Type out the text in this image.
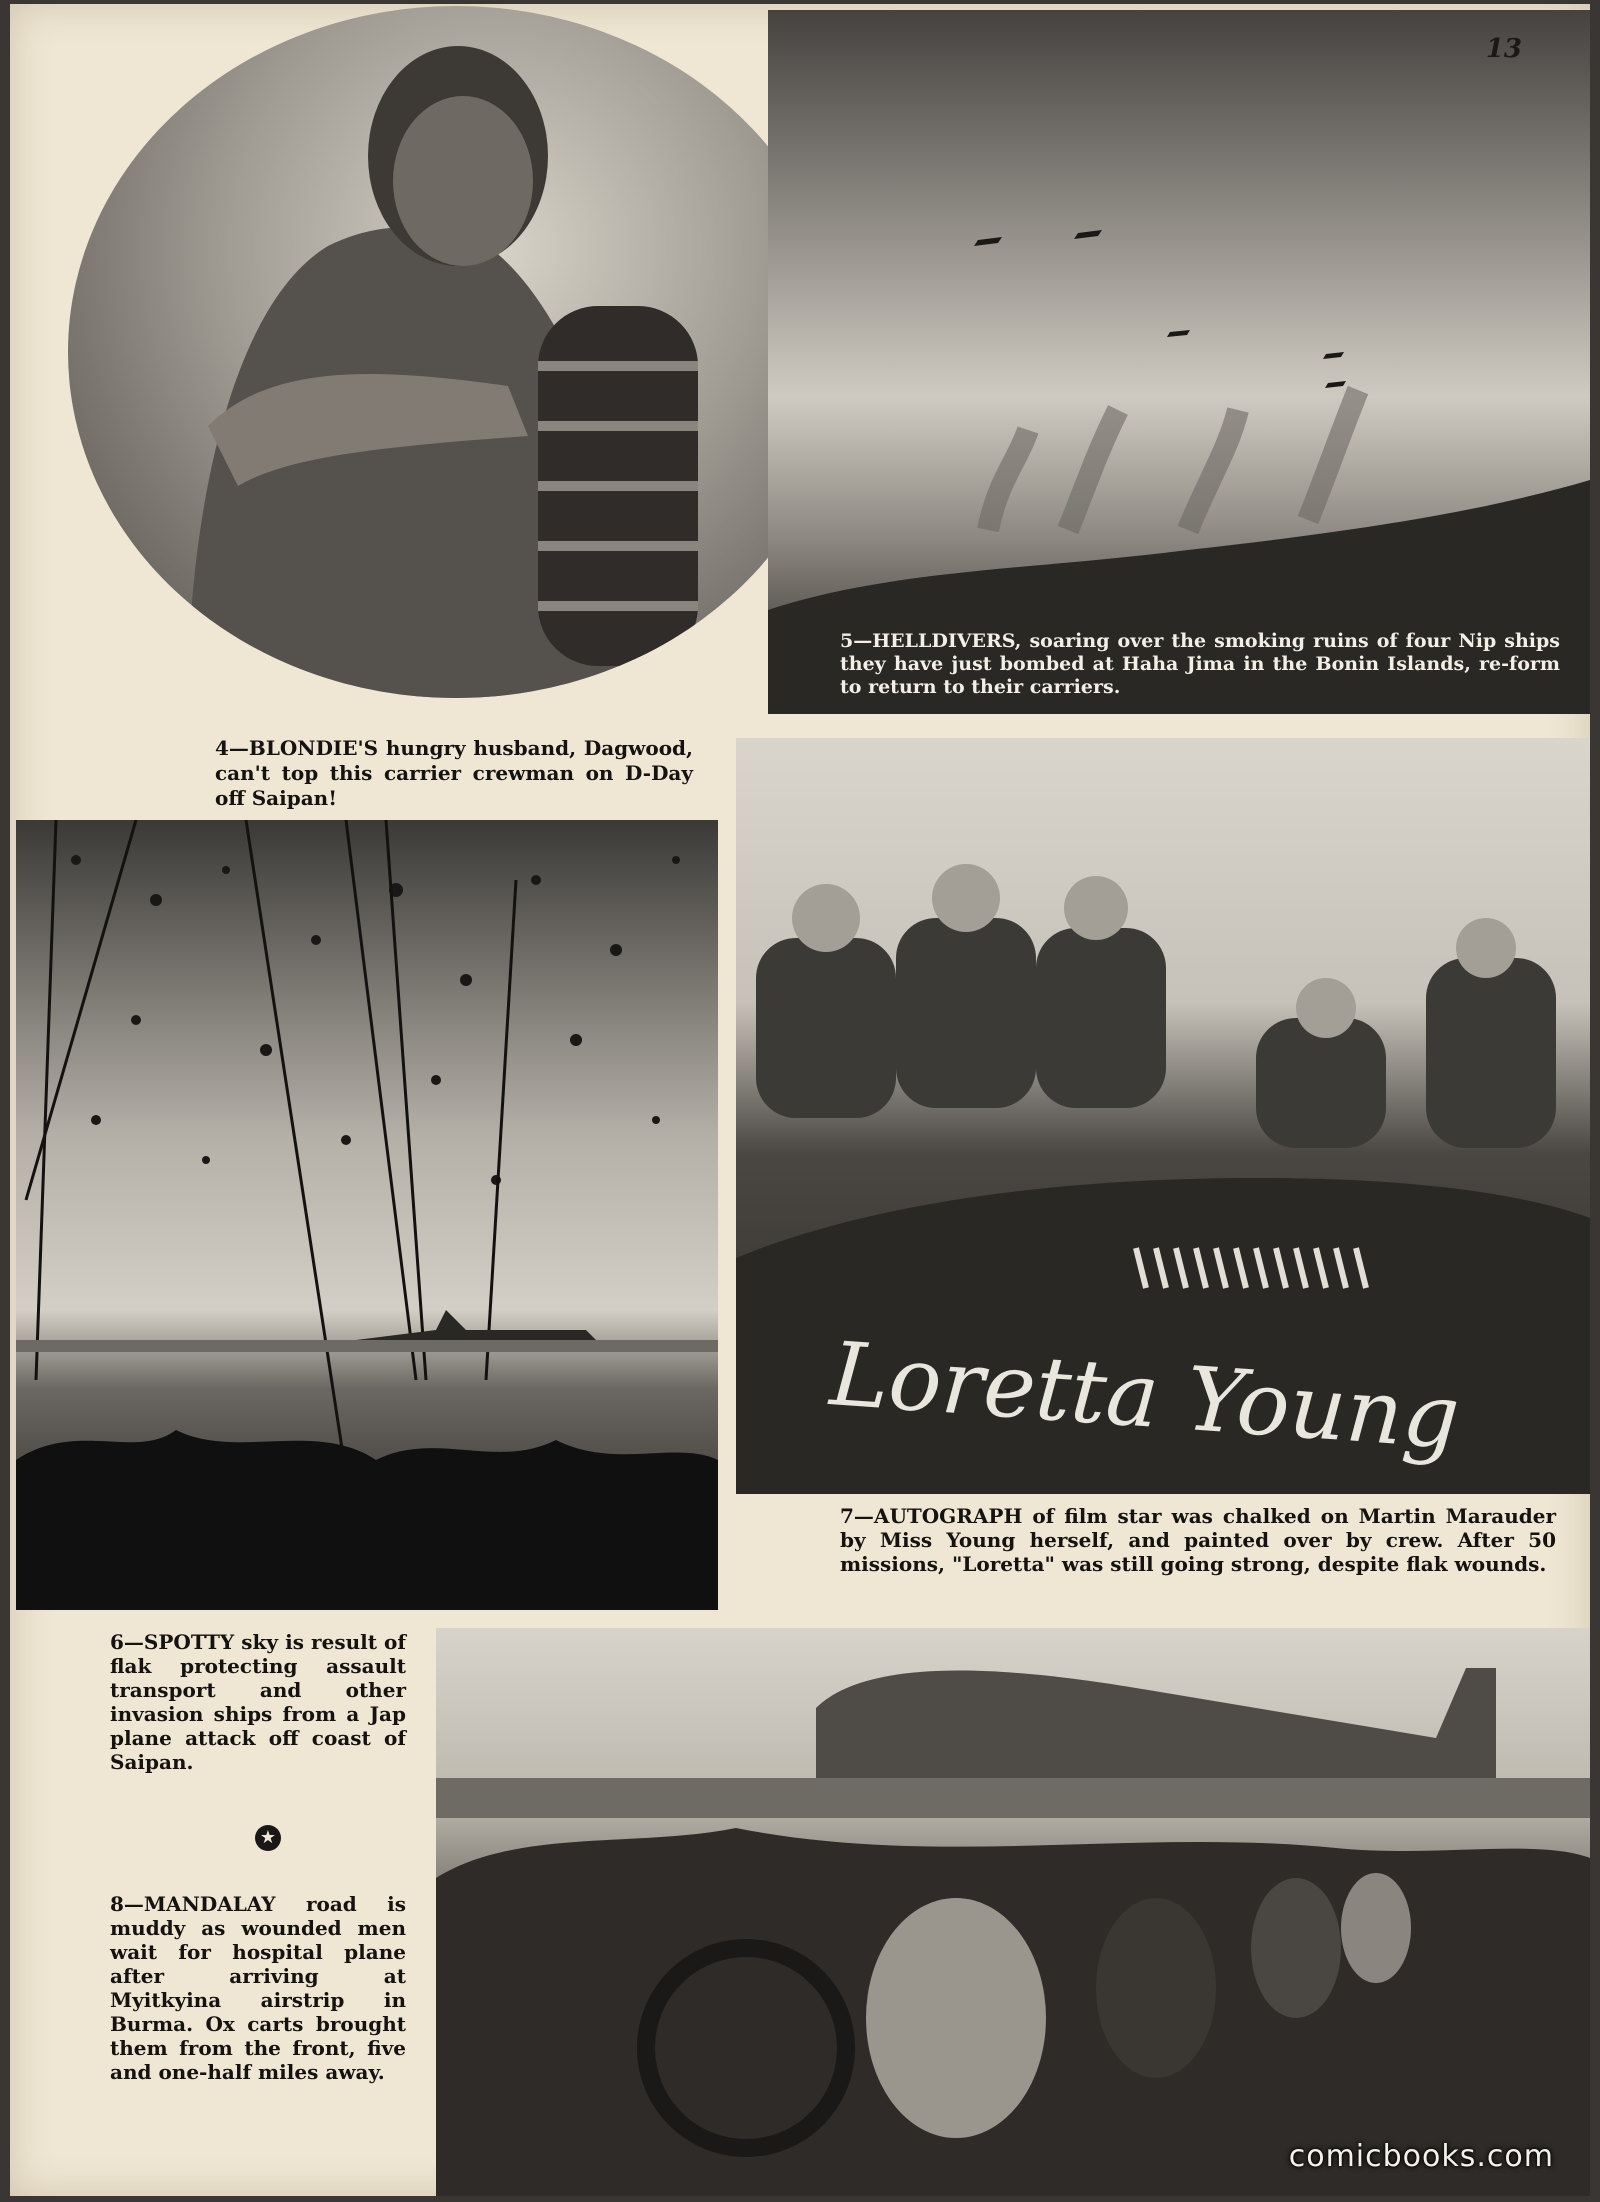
5—HELLDIVERS, soaring over the smoking ruins of four Nip ships they have just bombed at Haha Jima in the Bonin Islands, re-form to return to their carriers.
13
4—BLONDIE'S hungry husband, Dagwood, can't top this carrier crewman on D-Day off Saipan!
Loretta Young
7—AUTOGRAPH of film star was chalked on Martin Marauder by Miss Young herself, and painted over by crew. After 50 missions, "Loretta" was still going strong, despite flak wounds.
6—SPOTTY sky is result of flak protecting assault transport and other invasion ships from a Jap plane attack off coast of Saipan.
★
8—MANDALAY road is muddy as wounded men wait for hospital plane after arriving at Myitkyina airstrip in Burma. Ox carts brought them from the front, five and one-half miles away.
comicbooks.com
